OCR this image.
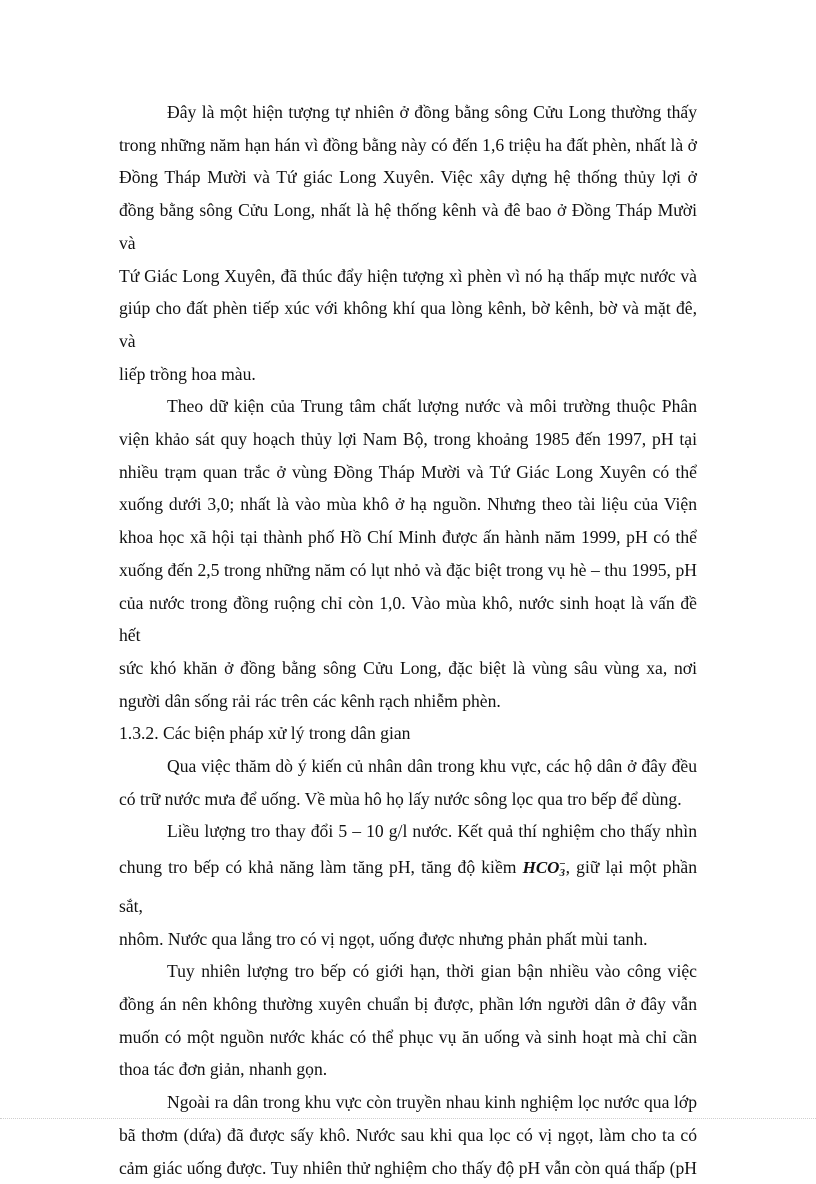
Đây là một hiện tượng tự nhiên ở đồng bằng sông Cửu Long thường thấy
trong những năm hạn hán vì đồng bằng này có đến 1,6 triệu ha đất phèn, nhất là ở
Đồng Tháp Mười và Tứ giác Long Xuyên. Việc xây dựng hệ thống thủy lợi ở
đồng bằng sông Cửu Long, nhất là hệ thống kênh và đê bao ở Đồng Tháp Mười và
Tứ Giác Long Xuyên, đã thúc đẩy hiện tượng xì phèn vì nó hạ thấp mực nước và
giúp cho đất phèn tiếp xúc với không khí qua lòng kênh, bờ kênh, bờ và mặt đê, và
liếp trồng hoa màu.

Theo dữ kiện của Trung tâm chất lượng nước và môi trường thuộc Phân
viện khảo sát quy hoạch thủy lợi Nam Bộ, trong khoảng 1985 đến 1997, pH tại
nhiều trạm quan trắc ở vùng Đồng Tháp Mười và Tứ Giác Long Xuyên có thể
xuống dưới 3,0; nhất là vào mùa khô ở hạ nguồn. Nhưng theo tài liệu của Viện
khoa học xã hội tại thành phố Hồ Chí Minh được ấn hành năm 1999, pH có thể
xuống đến 2,5 trong những năm có lụt nhỏ và đặc biệt trong vụ hè – thu 1995, pH
của nước trong đồng ruộng chỉ còn 1,0. Vào mùa khô, nước sinh hoạt là vấn đề hết
sức khó khăn ở đồng bằng sông Cửu Long, đặc biệt là vùng sâu vùng xa, nơi
người dân sống rải rác trên các kênh rạch nhiễm phèn.

1.3.2. Các biện pháp xử lý trong dân gian

Qua việc thăm dò ý kiến củ nhân dân trong khu vực, các hộ dân ở đây đều
có trữ nước mưa để uống. Về mùa hô họ lấy nước sông lọc qua tro bếp để dùng.

Liều lượng tro thay đổi 5 – 10 g/l nước. Kết quả thí nghiệm cho thấy nhìn
chung tro bếp có khả năng làm tăng pH, tăng độ kiềm $HCO_3^-$, giữ lại một phần sắt,
nhôm. Nước qua lắng tro có vị ngọt, uống được nhưng phản phất mùi tanh.

Tuy nhiên lượng tro bếp có giới hạn, thời gian bận nhiều vào công việc
đồng án nên không thường xuyên chuẩn bị được, phần lớn người dân ở đây vẫn
muốn có một nguồn nước khác có thể phục vụ ăn uống và sinh hoạt mà chỉ cần
thoa tác đơn giản, nhanh gọn.

Ngoài ra dân trong khu vực còn truyền nhau kinh nghiệm lọc nước qua lớp
bã thơm (dứa) đã được sấy khô. Nước sau khi qua lọc có vị ngọt, làm cho ta có
cảm giác uống được. Tuy nhiên thử nghiệm cho thấy độ pH vẫn còn quá thấp (pH
